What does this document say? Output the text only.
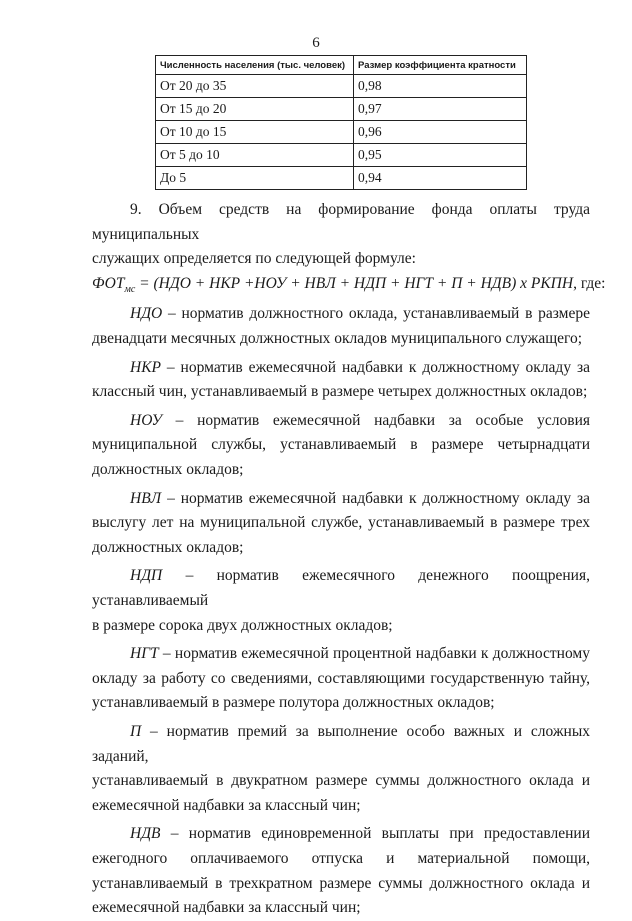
6
Численность населения (тыс. человек)	Размер коэффициента кратности
От 20 до 35	0,98
От 15 до 20	0,97
От 10 до 15	0,96
От 5 до 10	0,95
До 5	0,94

9. Объем средств на формирование фонда оплаты труда муниципальных

служащих определяется по следующей формуле:

$ФОТ_{мс} = (НДО$ + НКР +НОУ + НВЛ + НДП + НГТ + П + НДВ) х РКПН, где:

НДО – норматив должностного оклада, устанавливаемый в размере

двенадцати месячных должностных окладов муниципального служащего;

НКР – норматив ежемесячной надбавки к должностному окладу за

классный чин, устанавливаемый в размере четырех должностных окладов;

НОУ – норматив ежемесячной надбавки за особые условия

муниципальной службы, устанавливаемый в размере четырнадцати

должностных окладов;

НВЛ – норматив ежемесячной надбавки к должностному окладу за

выслугу лет на муниципальной службе, устанавливаемый в размере трех

должностных окладов;

НДП – норматив ежемесячного денежного поощрения, устанавливаемый

в размере сорока двух должностных окладов;

НГТ – норматив ежемесячной процентной надбавки к должностному

окладу за работу со сведениями, составляющими государственную тайну,

устанавливаемый в размере полутора должностных окладов;

П – норматив премий за выполнение особо важных и сложных заданий,

устанавливаемый в двукратном размере суммы должностного оклада и

ежемесячной надбавки за классный чин;

НДВ – норматив единовременной выплаты при предоставлении

ежегодного оплачиваемого отпуска и материальной помощи,

устанавливаемый в трехкратном размере суммы должностного оклада и

ежемесячной надбавки за классный чин;
